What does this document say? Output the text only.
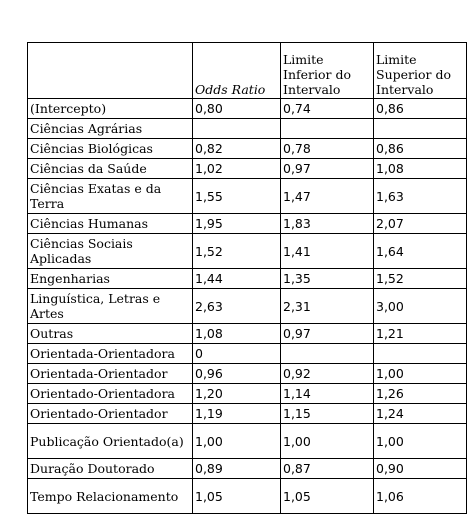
	Odds Ratio	Limite Inferior do Intervalo	Limite Superior do Intervalo
(Intercepto)	0,80	0,74	0,86
Ciências Agrárias			
Ciências Biológicas	0,82	0,78	0,86
Ciências da Saúde	1,02	0,97	1,08
Ciências Exatas e da Terra	1,55	1,47	1,63
Ciências Humanas	1,95	1,83	2,07
Ciências Sociais Aplicadas	1,52	1,41	1,64
Engenharias	1,44	1,35	1,52
Linguística, Letras e Artes	2,63	2,31	3,00
Outras	1,08	0,97	1,21
Orientada-Orientadora	0		
Orientada-Orientador	0,96	0,92	1,00
Orientado-Orientadora	1,20	1,14	1,26
Orientado-Orientador	1,19	1,15	1,24
Publicação Orientado(a)	1,00	1,00	1,00
Duração Doutorado	0,89	0,87	0,90
Tempo Relacionamento	1,05	1,05	1,06
